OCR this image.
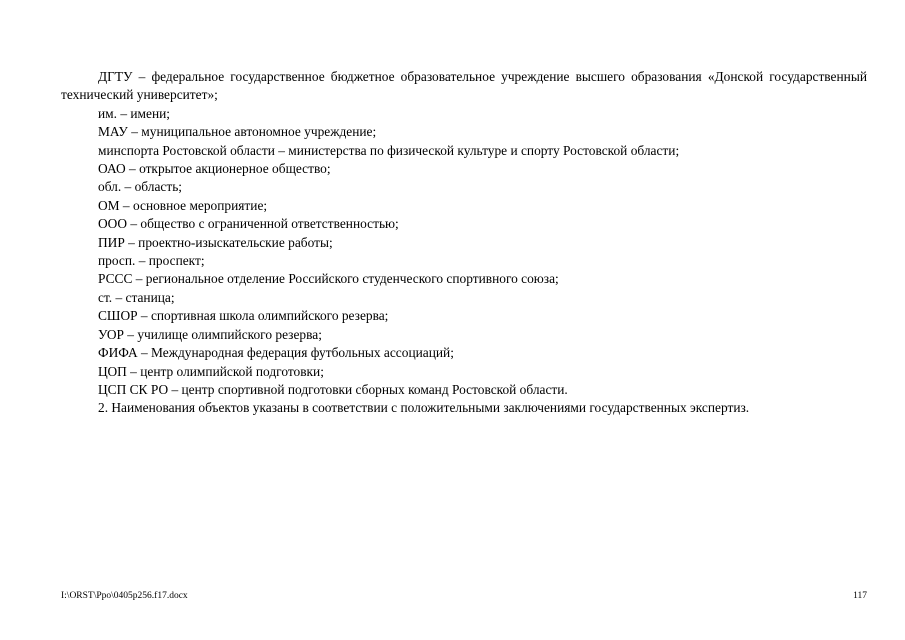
ДГТУ – федеральное государственное бюджетное образовательное учреждение высшего образования «Донской государственный технический университет»;

им. – имени;

МАУ – муниципальное автономное учреждение;

минспорта Ростовской области – министерства по физической культуре и спорту Ростовской области;

ОАО – открытое акционерное общество;

обл. – область;

ОМ – основное мероприятие;

ООО – общество с ограниченной ответственностью;

ПИР – проектно-изыскательские работы;

просп. – проспект;

РССС – региональное отделение Российского студенческого спортивного союза;

ст. – станица;

СШОР – спортивная школа олимпийского резерва;

УОР – училище олимпийского резерва;

ФИФА – Международная федерация футбольных ассоциаций;

ЦОП – центр олимпийской подготовки;

ЦСП СК РО – центр спортивной подготовки сборных команд Ростовской области.

2. Наименования объектов указаны в соответствии с положительными заключениями государственных экспертиз.

I:\ORST\Ppo\0405p256.f17.docx	117
